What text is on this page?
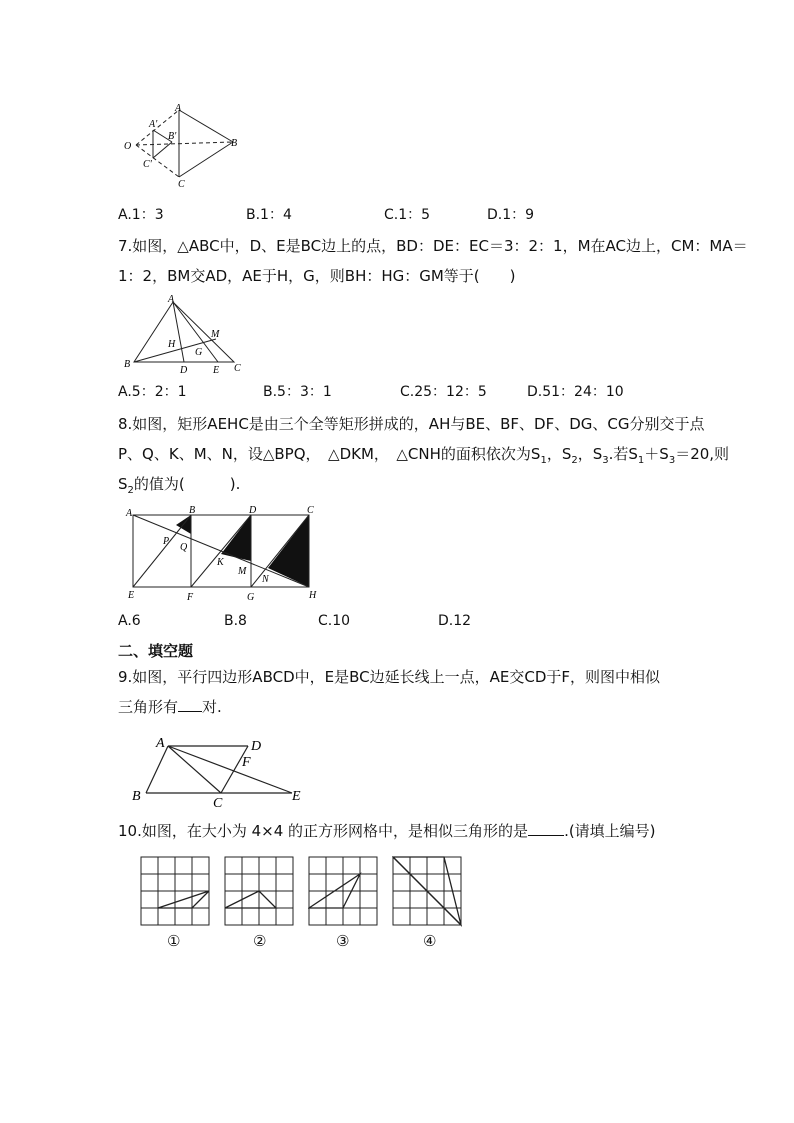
A
A'
B'
O
C'
B
C
A.1：3	B.1：4	C.1：5	D.1：9
7.如图，△ABC中，D、E是BC边上的点，BD：DE：EC＝3：2：1，M在AC边上，CM：MA＝
1：2，BM交AD，AE于H，G，则BH：HG：GM等于(　　)
A
M
H
G
B
D	E C
A.5：2：1	B.5：3：1	C.25：12：5	D.51：24：10
8.如图，矩形AEHC是由三个全等矩形拼成的，AH与BE、BF、DF、DG、CG分别交于点
P、Q、K、M、N，设△BPQ，　△DKM，　△CNH的面积依次为$S_1$，$S_2$，$S_3$.若$S_1+S_3=20$,则
$S_2$的值为(　　　).
A	B	D	C
P
Q
K
M
N
E	F	G	H
A.6	B.8	C.10	D.12
二、填空题
9.如图，平行四边形ABCD中，E是BC边延长线上一点，AE交CD于F，则图中相似
三角形有 对.
A	D
F
B	C	E
10.如图，在大小为 4×4 的正方形网格中，是相似三角形的是 .(请填上编号)
①	②	③	④
